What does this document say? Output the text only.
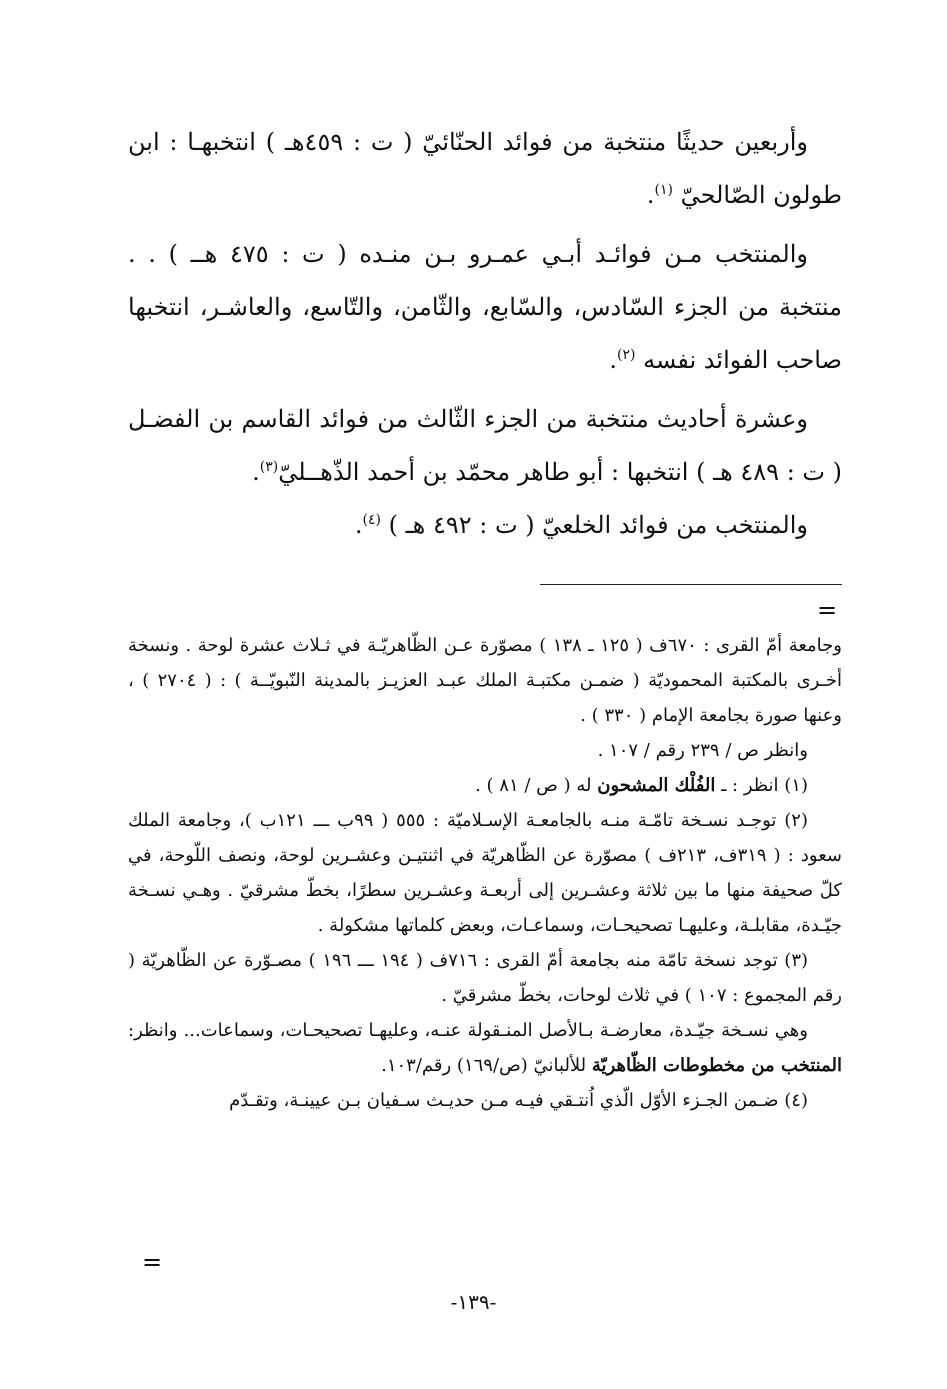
وأربعين حديثًا منتخبة من فوائد الحنّائيّ ( ت : ٤٥٩هـ ) انتخبهـا : ابن طولون الصّالحيّ $^{(١)}$.

والمنتخب مـن فوائـد أبـي عمـرو بـن منـده ( ت : ٤٧٥ هــ ) . . منتخبة من الجزء السّادس، والسّابع، والثّامن، والتّاسع، والعاشـر، انتخبها صاحب الفوائد نفسه $^{(٢)}$.

وعشرة أحاديث منتخبة من الجزء الثّالث من فوائد القاسم بن الفضـل ( ت : ٤٨٩ هـ ) انتخبها : أبو طاهر محمّد بن أحمد الذّهــليّ$^{(٣)}$.

والمنتخب من فوائد الخلعيّ ( ت : ٤٩٢ هـ ) $^{(٤)}$.

=

وجامعة أمّ القرى : ٦٧٠ف ( ١٢٥ ـ ١٣٨ ) مصوّرة عـن الظّاهريّـة في ثـلاث عشرة لوحة . ونسخة أخـرى بالمكتبة المحموديّة ( ضمـن مكتبـة الملك عبـد العزيـز بالمدينة النّبويّــة ) : ( ٢٧٠٤ ) ، وعنها صورة بجامعة الإمام ( ٣٣٠ ) .

وانظر ص / ٢٣٩ رقم / ١٠٧ .

(١) انظر : ـ الفُلْك المشحون له ( ص / ٨١ ) .

(٢) توجـد نسـخة تامّـة منـه بالجامعـة الإسـلاميّة : ٥٥٥ ( ٩٩ب ـــ ١٢١ب )، وجامعة الملك سعود : ( ٣١٩ف، ٢١٣ف ) مصوّرة عن الظّاهريّة في اثنتيـن وعشـرين لوحة، ونصف اللّوحة، في كلّ صحيفة منها ما بين ثلاثة وعشـرين إلى أربعـة وعشـرين سطرًا، بخطّ مشرقيّ . وهـي نسـخة جيّـدة، مقابلـة، وعليهـا تصحيحـات، وسماعـات، وبعض كلماتها مشكولة .

(٣) توجد نسخة تامّة منه بجامعة أمّ القرى : ٧١٦ف ( ١٩٤ ـــ ١٩٦ ) مصـوّرة عن الظّاهريّة ( رقم المجموع : ١٠٧ ) في ثلاث لوحات، بخطّ مشرقيّ .

وهي نسـخة جيّـدة، معارضـة بـالأصل المنـقولة عنـه، وعليهـا تصحيحـات، وسماعات... وانظر: المنتخب من مخطوطات الظّاهريّة للألبانيّ (ص/١٦٩) رقم/١٠٣.

(٤) ضـمن الجـزء الأوّل الّذي اُنتـقي فيـه مـن حديـث سـفيان بـن عيينـة، وتقـدّم

=
-١٣٩-
